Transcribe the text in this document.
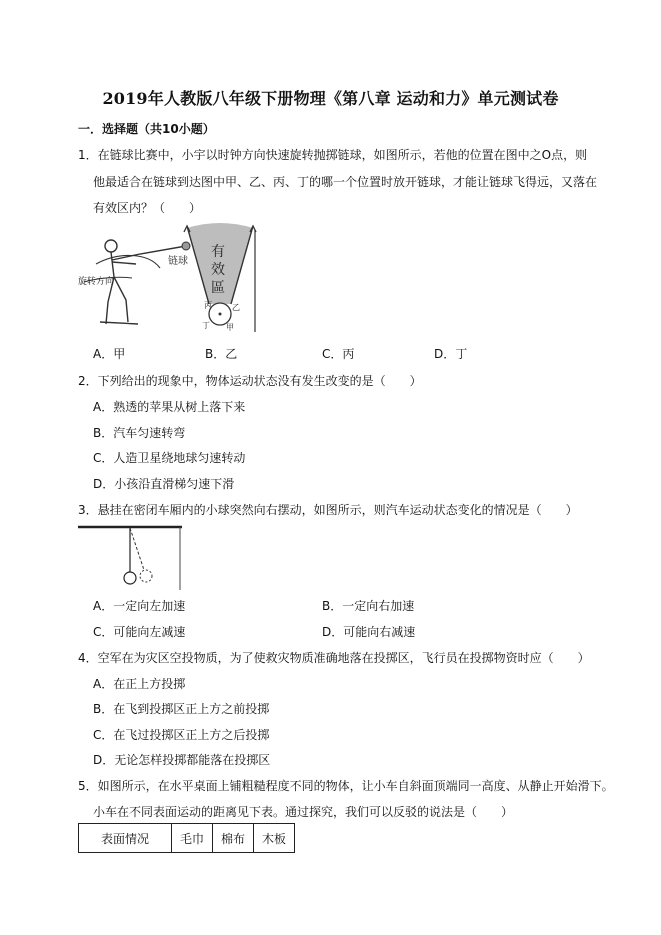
2019年人教版八年级下册物理《第八章 运动和力》单元测试卷
一．选择题（共10小题）
1．在链球比赛中，小宇以时钟方向快速旋转抛掷链球，如图所示，若他的位置在图中之O点，则
他最适合在链球到达图中甲、乙、丙、丁的哪一个位置时放开链球，才能让链球飞得远，又落在
有效区内？（　　）
链球
旋转方向
有
效
區
丙	乙
丁 甲
A．甲	B．乙	C．丙	D．丁
2．下列给出的现象中，物体运动状态没有发生改变的是（　　）
A．熟透的苹果从树上落下来
B．汽车匀速转弯
C．人造卫星绕地球匀速转动
D．小孩沿直滑梯匀速下滑
3．悬挂在密闭车厢内的小球突然向右摆动，如图所示，则汽车运动状态变化的情况是（　　）
A．一定向左加速	B．一定向右加速
C．可能向左减速	D．可能向右减速
4．空军在为灾区空投物质，为了使救灾物质准确地落在投掷区，飞行员在投掷物资时应（　　）
A．在正上方投掷
B．在飞到投掷区正上方之前投掷
C．在飞过投掷区正上方之后投掷
D．无论怎样投掷都能落在投掷区
5．如图所示，在水平桌面上铺粗糙程度不同的物体，让小车自斜面顶端同一高度、从静止开始滑下。
小车在不同表面运动的距离见下表。通过探究，我们可以反驳的说法是（　　）
表面情况	毛巾	棉布	木板
